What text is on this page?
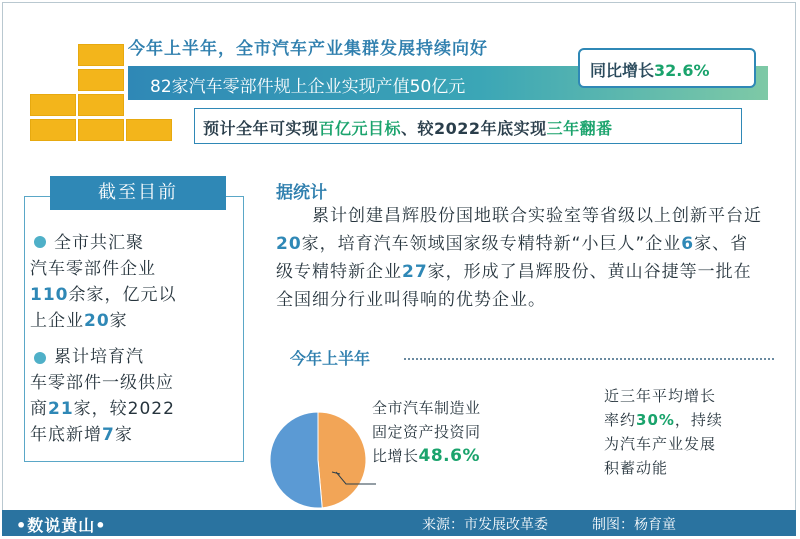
今年上半年，全市汽车产业集群发展持续向好
82家汽车零部件规上企业实现产值50亿元
同比增长32.6%
预计全年可实现百亿元目标、较2022年底实现三年翻番
截至目前
全市共汇聚
汽车零部件企业
110余家，亿元以
上企业20家
累计培育汽
车零部件一级供应
商21家，较2022
年底新增7家
据统计
　　累计创建昌辉股份国地联合实验室等省级以上创新平台近20家，培育汽车领域国家级专精特新“小巨人”企业6家、省级专精特新企业27家，形成了昌辉股份、黄山谷捷等一批在全国细分行业叫得响的优势企业。
今年上半年
全市汽车制造业
固定资产投资同
比增长48.6%
近三年平均增长
率约30%，持续
为汽车产业发展
积蓄动能
•数说黄山•	来源：市发展改革委	制图：杨育童
